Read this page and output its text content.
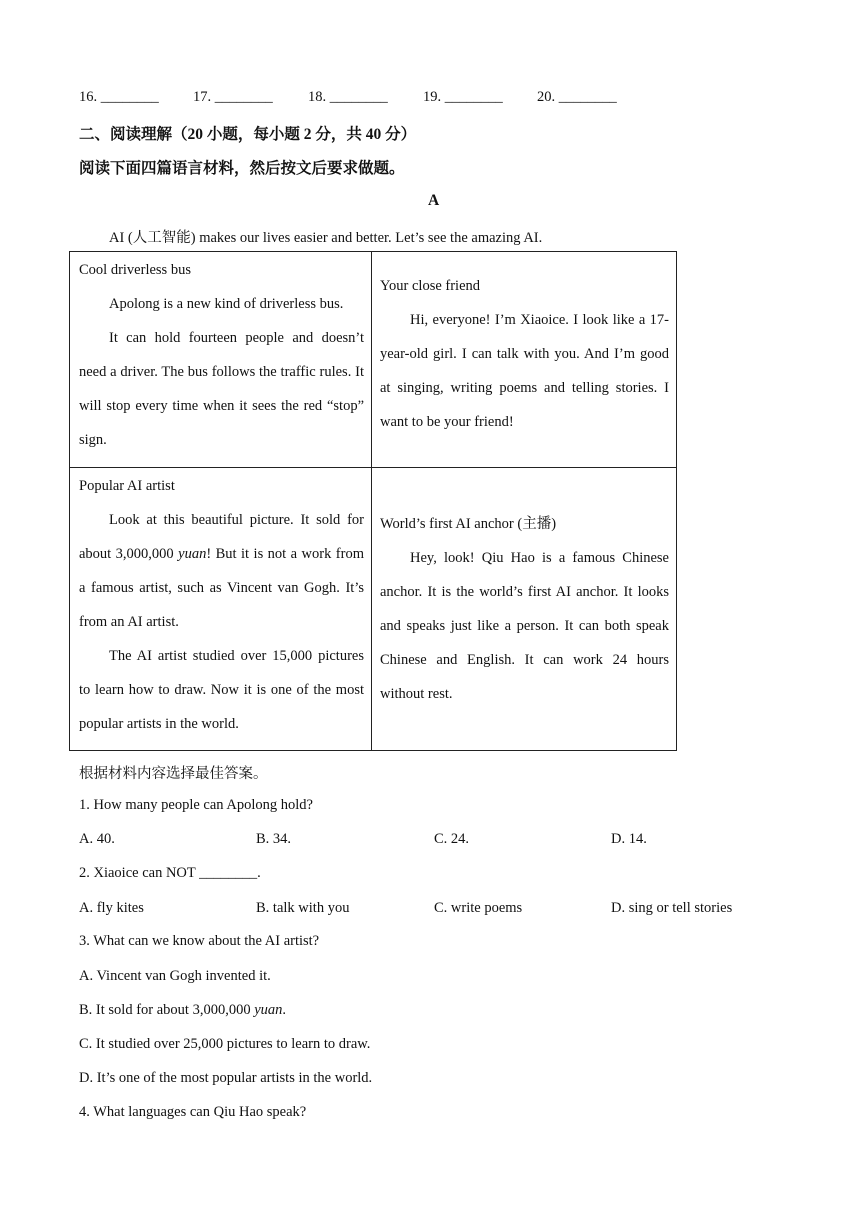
16. ________ 17. ________ 18. ________ 19. ________ 20. ________
二、阅读理解（20 小题，每小题 2 分，共 40 分）
阅读下面四篇语言材料，然后按文后要求做题。
A
AI (人工智能) makes our lives easier and better. Let’s see the amazing AI.
Cool driverless bus

Apolong is a new kind of driverless bus.

It can hold fourteen people and doesn’t need a driver. The bus follows the traffic rules. It will stop every time when it sees the red “stop” sign.

Your close friend

Hi, everyone! I’m Xiaoice. I look like a 17-year-old girl. I can talk with you. And I’m good at singing, writing poems and telling stories. I want to be your friend!

Popular AI artist

Look at this beautiful picture. It sold for about 3,000,000 yuan! But it is not a work from a famous artist, such as Vincent van Gogh. It’s from an AI artist.

The AI artist studied over 15,000 pictures to learn how to draw. Now it is one of the most popular artists in the world.

World’s first AI anchor (主播)

Hey, look! Qiu Hao is a famous Chinese anchor. It is the world’s first AI anchor. It looks and speaks just like a person. It can both speak Chinese and English. It can work 24 hours without rest.

根据材料内容选择最佳答案。
1. How many people can Apolong hold?
A. 40.	B. 34.	C. 24.	D. 14.
2. Xiaoice can NOT ________.
A. fly kites	B. talk with you	C. write poems	D. sing or tell stories
3. What can we know about the AI artist?
A. Vincent van Gogh invented it.
B. It sold for about 3,000,000 yuan.
C. It studied over 25,000 pictures to learn to draw.
D. It’s one of the most popular artists in the world.
4. What languages can Qiu Hao speak?
